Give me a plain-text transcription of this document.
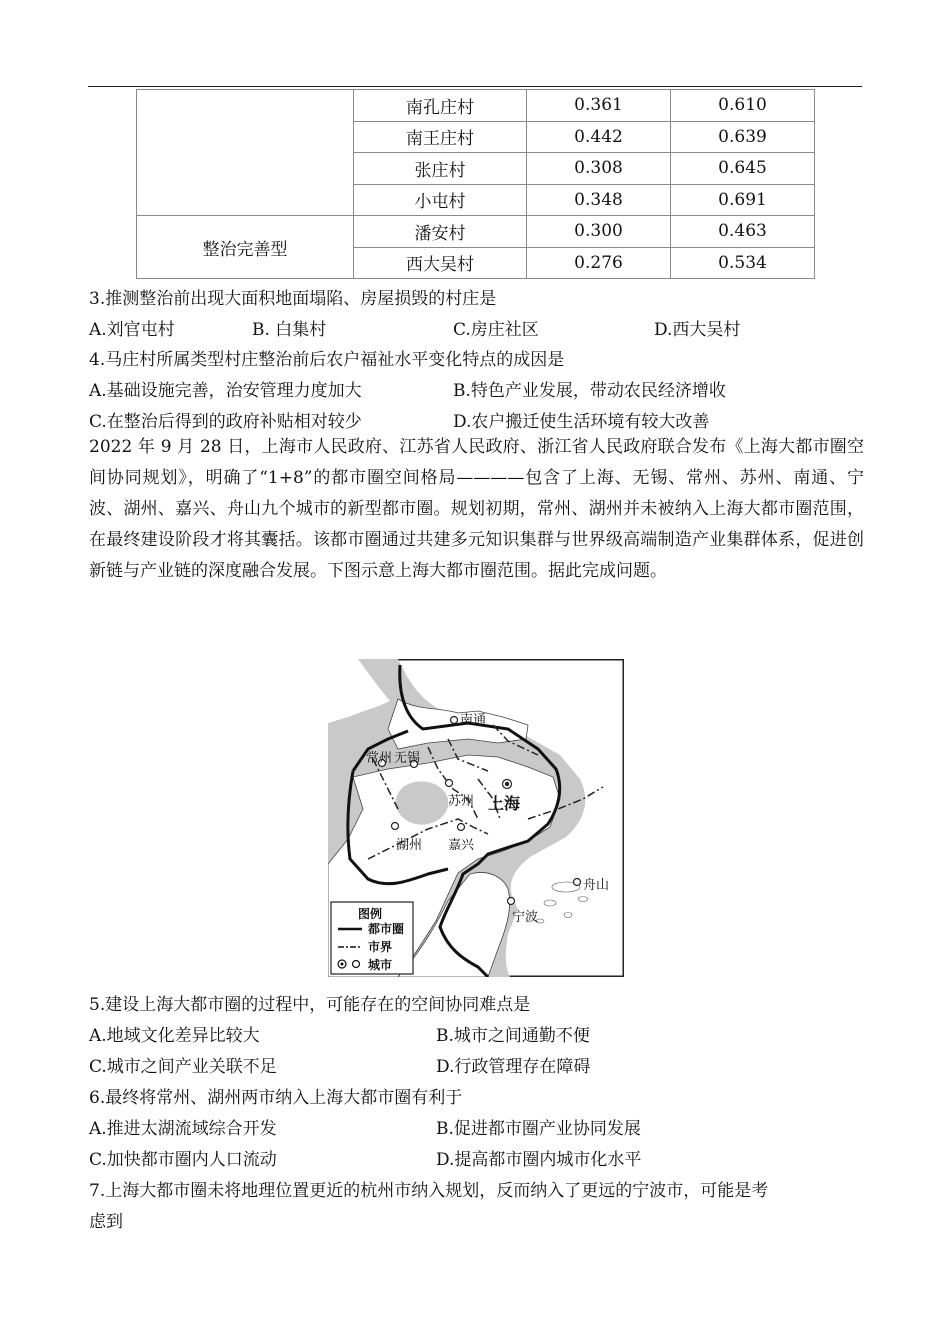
	南孔庄村	0.361	0.610
	南王庄村	0.442	0.639
	张庄村	0.308	0.645
	小屯村	0.348	0.691
整治完善型	潘安村	0.300	0.463
	西大吴村	0.276	0.534
3.推测整治前出现大面积地面塌陷、房屋损毁的村庄是
A.刘官屯村	B. 白集村	C.房庄社区	D.西大吴村
4.马庄村所属类型村庄整治前后农户福祉水平变化特点的成因是
A.基础设施完善，治安管理力度加大	B.特色产业发展，带动农民经济增收
C.在整治后得到的政府补贴相对较少	D.农户搬迁使生活环境有较大改善
2022 年 9 月 28 日，上海市人民政府、江苏省人民政府、浙江省人民政府联合发布《上海大都市圈空间协同规划》，明确了“1+8”的都市圈空间格局————包含了上海、无锡、常州、苏州、南通、宁波、湖州、嘉兴、舟山九个城市的新型都市圈。规划初期，常州、湖州并未被纳入上海大都市圈范围，在最终建设阶段才将其囊括。该都市圈通过共建多元知识集群与世界级高端制造产业集群体系，促进创新链与产业链的深度融合发展。下图示意上海大都市圈范围。据此完成问题。
南通
常州 无锡
苏州 上海
湖州 嘉兴
舟山
宁波
图例
都市圈
市界
城市
5.建设上海大都市圈的过程中，可能存在的空间协同难点是
A.地域文化差异比较大	B.城市之间通勤不便
C.城市之间产业关联不足	D.行政管理存在障碍
6.最终将常州、湖州两市纳入上海大都市圈有利于
A.推进太湖流域综合开发	B.促进都市圈产业协同发展
C.加快都市圈内人口流动	D.提高都市圈内城市化水平
7.上海大都市圈未将地理位置更近的杭州市纳入规划，反而纳入了更远的宁波市，可能是考
虑到
